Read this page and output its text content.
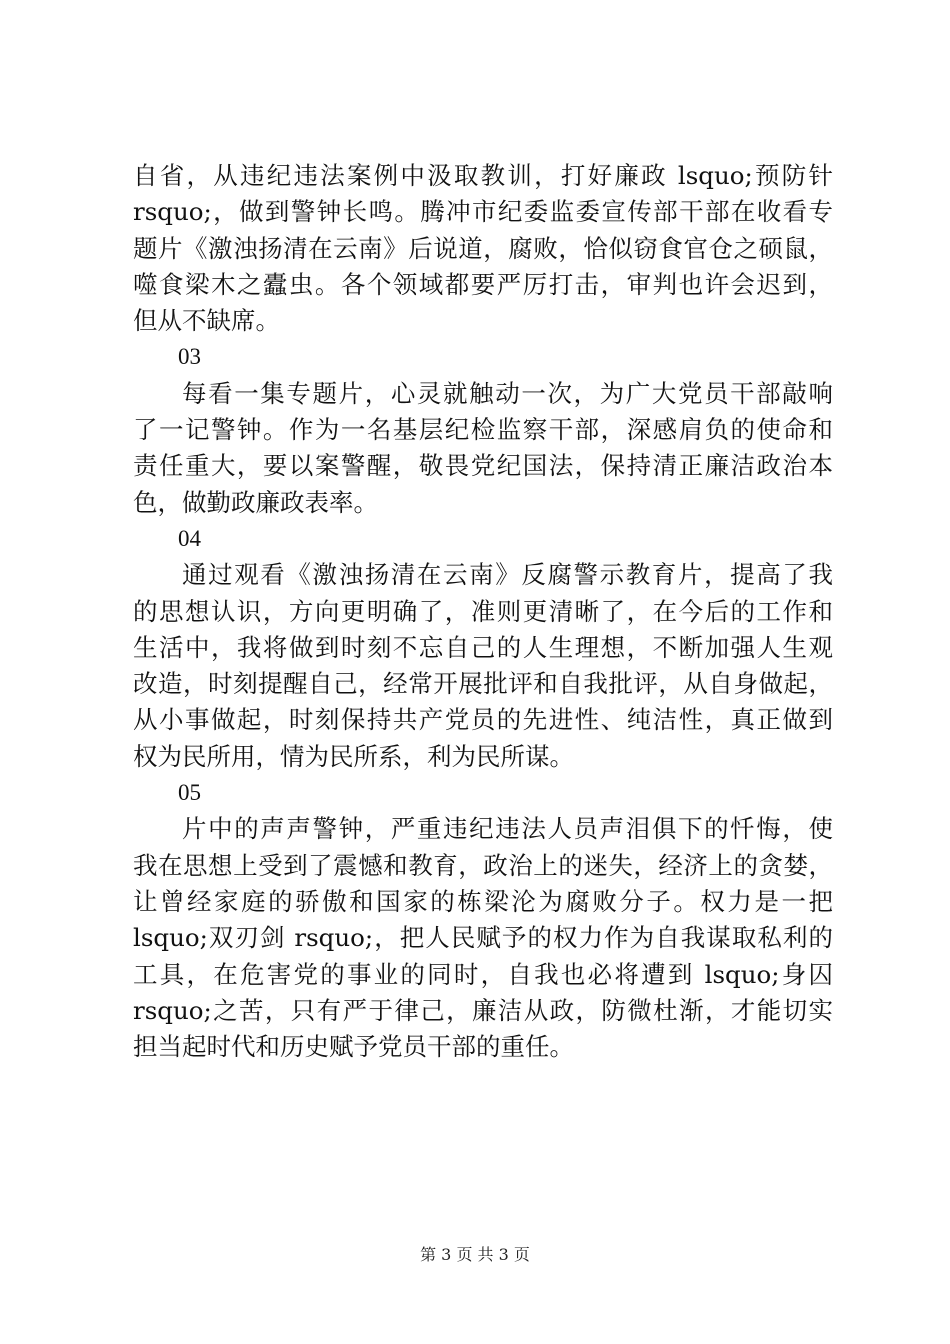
自省，从违纪违法案例中汲取教训，打好廉政 lsquo;预防针
rsquo;，做到警钟长鸣。腾冲市纪委监委宣传部干部在收看专
题片《激浊扬清在云南》后说道，腐败，恰似窃食官仓之硕鼠，
噬食梁木之蠹虫。各个领域都要严厉打击，审判也许会迟到，
但从不缺席。
03
每看一集专题片，心灵就触动一次，为广大党员干部敲响
了一记警钟。作为一名基层纪检监察干部，深感肩负的使命和
责任重大，要以案警醒，敬畏党纪国法，保持清正廉洁政治本
色，做勤政廉政表率。
04
通过观看《激浊扬清在云南》反腐警示教育片，提高了我
的思想认识，方向更明确了，准则更清晰了，在今后的工作和
生活中，我将做到时刻不忘自己的人生理想，不断加强人生观
改造，时刻提醒自己，经常开展批评和自我批评，从自身做起，
从小事做起，时刻保持共产党员的先进性、纯洁性，真正做到
权为民所用，情为民所系，利为民所谋。
05
片中的声声警钟，严重违纪违法人员声泪俱下的忏悔，使
我在思想上受到了震憾和教育，政治上的迷失，经济上的贪婪，
让曾经家庭的骄傲和国家的栋梁沦为腐败分子。权力是一把
lsquo;双刃剑 rsquo;，把人民赋予的权力作为自我谋取私利的
工具，在危害党的事业的同时，自我也必将遭到 lsquo;身囚
rsquo;之苦，只有严于律己，廉洁从政，防微杜渐，才能切实
担当起时代和历史赋予党员干部的重任。
第 3 页 共 3 页
